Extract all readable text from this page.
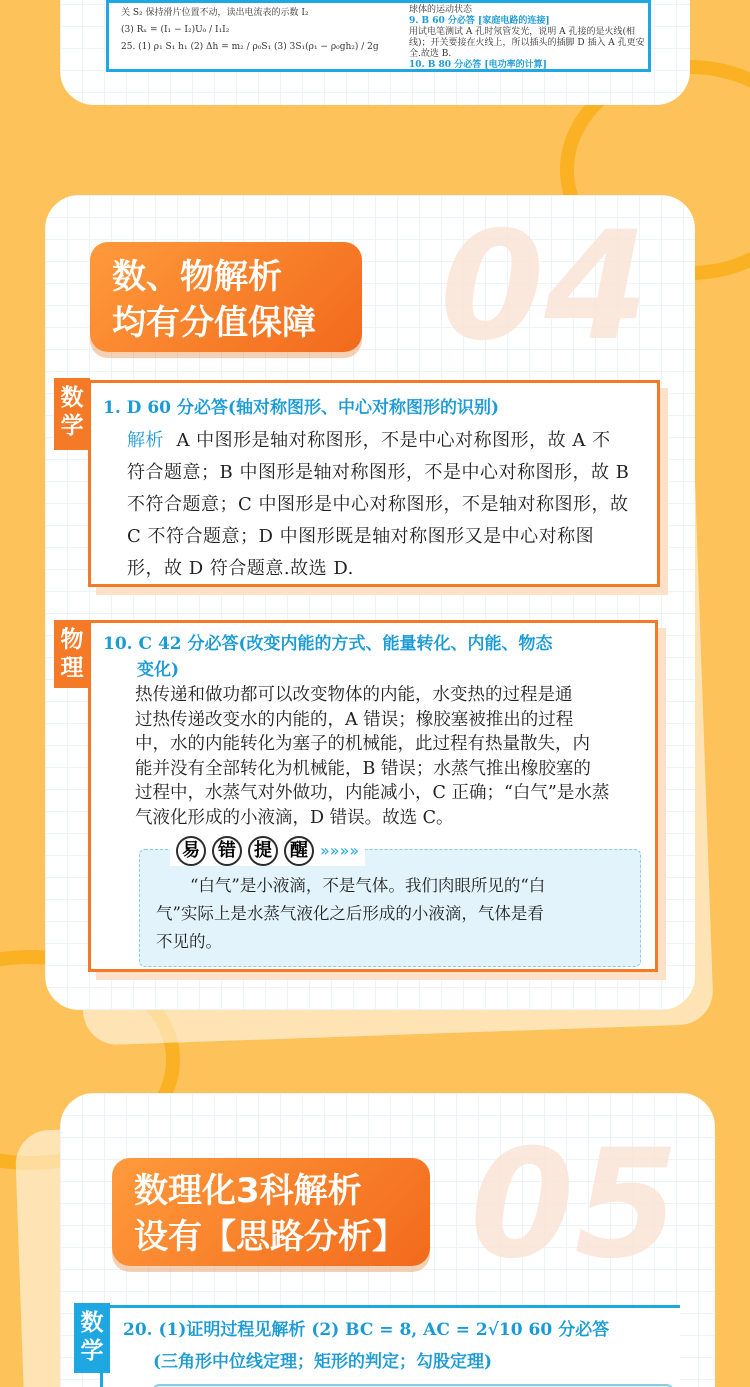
关 S₂ 保持滑片位置不动，读出电流表的示数 I₂

(3) Rₓ = (I₁ − I₂)U₀ / I₁I₂

25. (1) ρ₁ S₁ h₁ (2) Δh = m₂ / ρ₀S₁ (3) 3S₁(ρ₁ − ρ₀gh₂) / 2g

球体的运动状态

9. B 60 分必答 [家庭电路的连接]

用试电笔测试 A 孔时氖管发光，说明 A 孔接的是火线(相

线)；开关要接在火线上，所以插头的插脚 D 插入 A 孔更安

全.故选 B.

10. B 80 分必答 [电功率的计算]

04
数、物解析
均有分值保障
1. D 60 分必答(轴对称图形、中心对称图形的识别)

解析 A 中图形是轴对称图形，不是中心对称图形，故 A 不

符合题意；B 中图形是轴对称图形，不是中心对称图形，故 B

不符合题意；C 中图形是中心对称图形，不是轴对称图形，故

C 不符合题意；D 中图形既是轴对称图形又是中心对称图

形，故 D 符合题意.故选 D.

数学

10. C 42 分必答(改变内能的方式、能量转化、内能、物态

变化)

热传递和做功都可以改变物体的内能，水变热的过程是通

过热传递改变水的内能的，A 错误；橡胶塞被推出的过程

中，水的内能转化为塞子的机械能，此过程有热量散失，内

能并没有全部转化为机械能，B 错误；水蒸气推出橡胶塞的

过程中，水蒸气对外做功，内能减小，C 正确；“白气”是水蒸

气液化形成的小液滴，D 错误。故选 C。

易 错 提 醒 »»»»

“白气”是小液滴，不是气体。我们肉眼所见的“白

气”实际上是水蒸气液化之后形成的小液滴，气体是看

不见的。

物理
05
数理化3科解析
设有【思路分析】

20. (1)证明过程见解析 (2) BC = 8, AC = 2√10 60 分必答

(三角形中位线定理；矩形的判定；勾股定理)

数学
